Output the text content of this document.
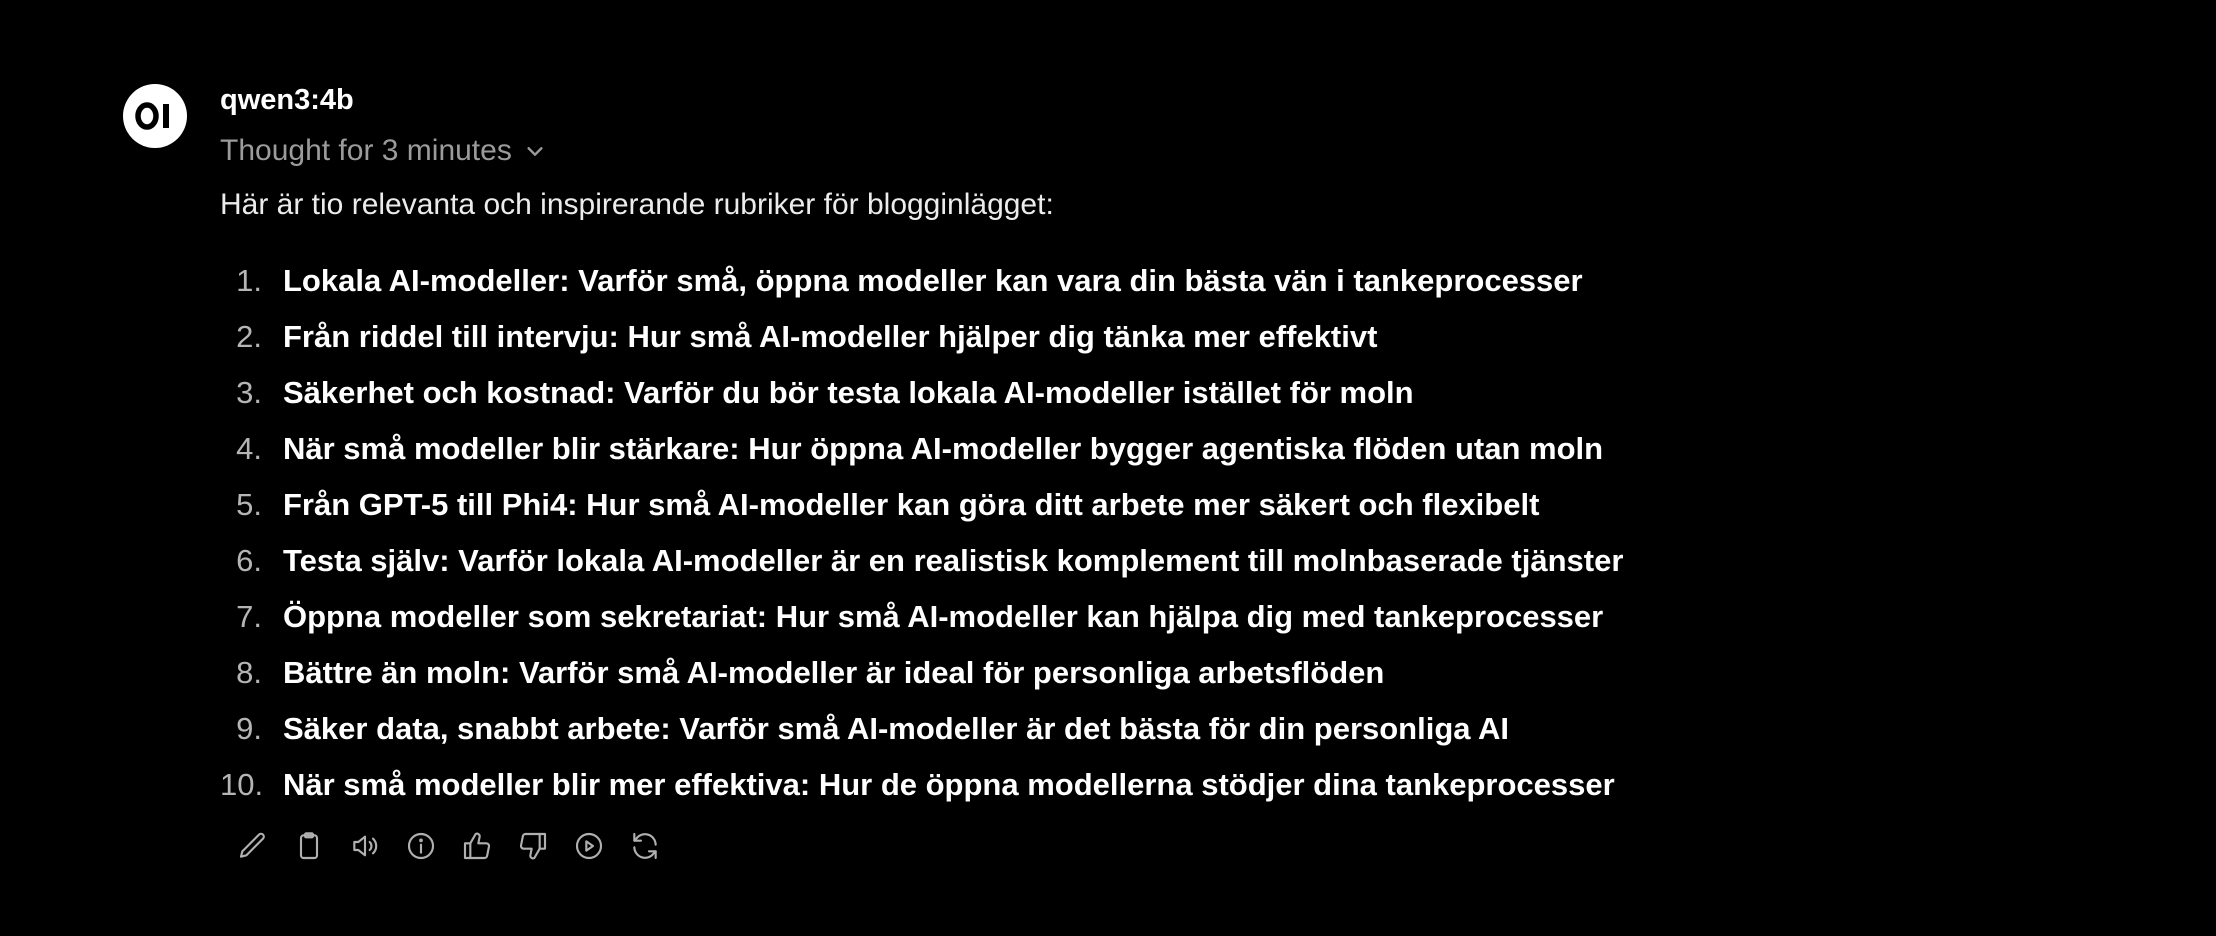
qwen3:4b
Thought for 3 minutes
Här är tio relevanta och inspirerande rubriker för blogginlägget:
1. Lokala AI-modeller: Varför små, öppna modeller kan vara din bästa vän i tankeprocesser
2. Från riddel till intervju: Hur små AI-modeller hjälper dig tänka mer effektivt
3. Säkerhet och kostnad: Varför du bör testa lokala AI-modeller istället för moln
4. När små modeller blir stärkare: Hur öppna AI-modeller bygger agentiska flöden utan moln
5. Från GPT-5 till Phi4: Hur små AI-modeller kan göra ditt arbete mer säkert och flexibelt
6. Testa själv: Varför lokala AI-modeller är en realistisk komplement till molnbaserade tjänster
7. Öppna modeller som sekretariat: Hur små AI-modeller kan hjälpa dig med tankeprocesser
8. Bättre än moln: Varför små AI-modeller är ideal för personliga arbetsflöden
9. Säker data, snabbt arbete: Varför små AI-modeller är det bästa för din personliga AI
10. När små modeller blir mer effektiva: Hur de öppna modellerna stödjer dina tankeprocesser
